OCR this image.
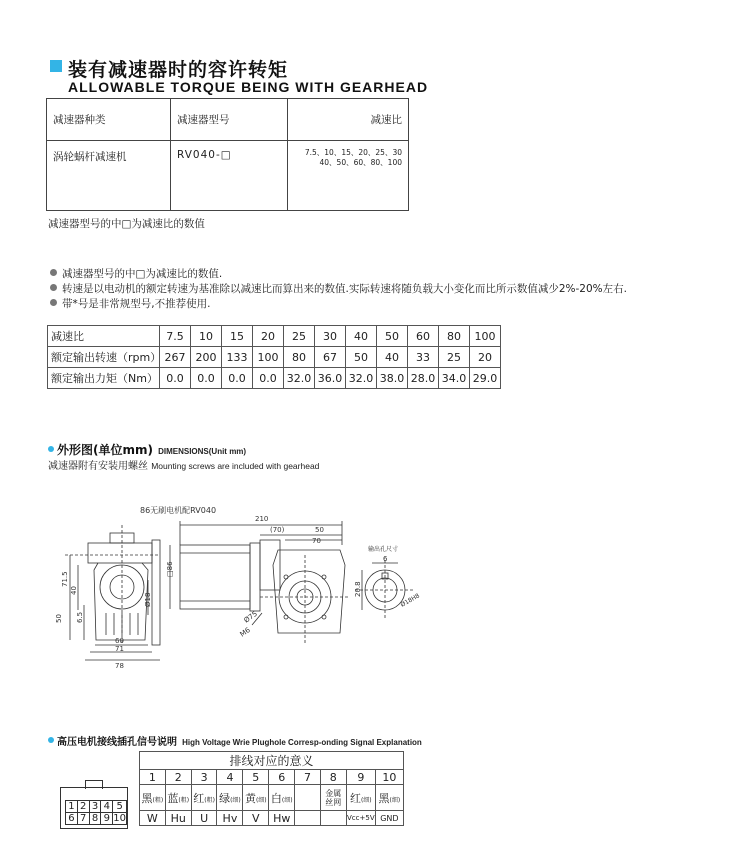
装有减速器时的容许转矩
ALLOWABLE TORQUE BEING WITH GEARHEAD
减速器种类	减速器型号	减速比
涡轮蜗杆减速机	RV040-□	7.5、10、15、20、25、30
40、50、60、80、100
减速器型号的中□为减速比的数值
减速器型号的中□为减速比的数值.
转速是以电动机的额定转速为基准除以减速比而算出来的数值.实际转速将随负载大小变化而比所示数值减少2%-20%左右.
带*号是非常规型号,不推荐使用.
减速比	7.5	10	15	20	25	30	40	50	60	80	100
额定输出转速（rpm）	267	200	133	100	80	67	50	40	33	25	20
额定输出力矩（Nm）	0.0	0.0	0.0	0.0	32.0	36.0	32.0	38.0	28.0	34.0	29.0
外形图(单位mm) DIMENSIONS(Unit mm)
减速器附有安装用螺丝 Mounting screws are included with gearhead
86无刷电机配RV040
210
(70)	50
70
□86
71.5
40
50 6.5
60
71
78
Ø18
Ø75
M6
输出孔尺寸
6
20.8
Ø18H8
高压电机接线插孔信号说明 High Voltage Wrie Plughole Corresp-onding Signal Explanation
1	2	3	4	5
6	7	8	9	10
排线对应的意义									
1	2	3	4	5	6	7	8	9	10
黑(粗)	蓝(粗)	红(粗)	绿(细)	黄(细)	白(细)		金属丝网	红(细)	黑(细)
W	Hu	U	Hv	V	Hw			Vcc+5V	GND
